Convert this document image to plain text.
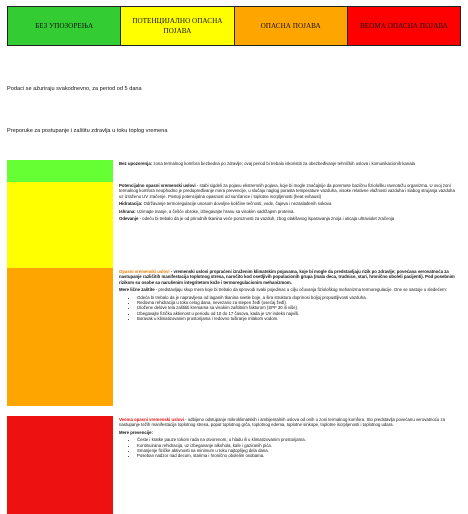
БЕЗ УПОЗОРЕЊА
ПОТЕНЦИЈАЛНО ОПАСНА ПОЈАВА
ОПАСНА ПОЈАВА	ВЕОМА ОПАСНА ПОЈАВА
Podaci se ažuriraju svakodnevno, za period od 5 dana
Preporuke za postupanje i zaštitu zdravlja u toku toplog vremena

Bez upozorenja: zona termalnog komfora bezbedna po zdravlje; ovaj period bi trebalo iskoristiti za obezbeđivanje tehničkih uslova i komunikacionih kanala

Potencijalno opasni vremenski uslovi - stabi sigdeli za pojavu ekstremnih pojava, koje bi mogle značajnije da poremete bazičnu fiziološku ravnotežu organizma. U ovoj zoni termalnog komfora neophodno je predupređivanje mera prevencije, u slučaju naglog porasta temperature vazduha, visoke relativne vlažnosti vazduha i slabog strujanja vazduha uz izraženo UV zračenje. Postoji potencijalna opasnost od sunčanice i toplotne iscrpljenosti (heat exhaust)

Hidratacija: Održavanje termoregulacije unosom dovoljne količine tečnosti, vode, čajeva i nezaslađenih sokova

Ishrana: Uzimajte manje, a češće obroke, izbegavajte hranu sa visokim sadržajem proteina.

Odevanje - odeću bi trebalo da je od prirodnih tkanina veće poroznosti za vazduh, zbog olakšanog isparavanja znoja i uticaja ultraviolet zračenja

Opasni vremenski uslovi - vremenski uslovi propraćeni izraženim klimatskim pojavama, koje bi mogle da predstavljaju rizik po zdravlje; povećana verovatnoća za nastupanje različitih manifestacija toplotnog stresa, naročito kod osetljivih populacionih grupa (mala deca, trudnice, stari, hronično oboleli pacijenti). Pod posebnim rizikom su osobe sa narušenim integritetom kože i termoregulacionim mehanizmom.

Mere lične zaštite - predstavljaju skup mera koje bi trebalo da sprovodi svaki pojedinac u cilju očuvanja fiziološkog mehanizma termoregulacije. One se sastoje u sledećem:

• Odeća bi trebalo da je napravljena od laganih tkanina svetle boje, a šira struktura doprinosi boljoj propustljivosti vazduha.
• Redovna rehidracija u toku celog dana, nevezano za stepen žeđi (osećaj žeđi).
• Izložene delove tela zaštititi kremama sa visokim zaštitnim faktorom (SPF 30 ili više).
• Izbegavajte fizičku aktivnost u periodu od 10 do 17 časova, kada je UV indeks najviši.
• Boravak u klimatizovanim prostorijama i redovno tuširanje mlakom vodom.

Veoma opasni vremenski uslovi - odbijeno odstupanje mikroklimatskih i ambijentalnih uslova od onih u zoni termalnog komfora. Sto predstavlja povećanu verovatnoću za nastupanje težih manifestacija toplotnog stresa, poput toplotnog grča, toplotnog edema, toplotne sinkope, toplotne iscrpljenosti i toplotnog udara.

Mere prevencije:

• Česte i kratke pauze tokom rada na otvorenom, u hladu ili u klimatizovanim prostorijama.
• Kontinuirana rehidracija, uz izbegavanje alkohola, kafe i gaziranih pića.
• Smanjenje fizičke aktivnosti na minimum u toku najtoplijeg dela dana.
• Poseban nadzor nad decom, starima i hronično obolelim osobama.
